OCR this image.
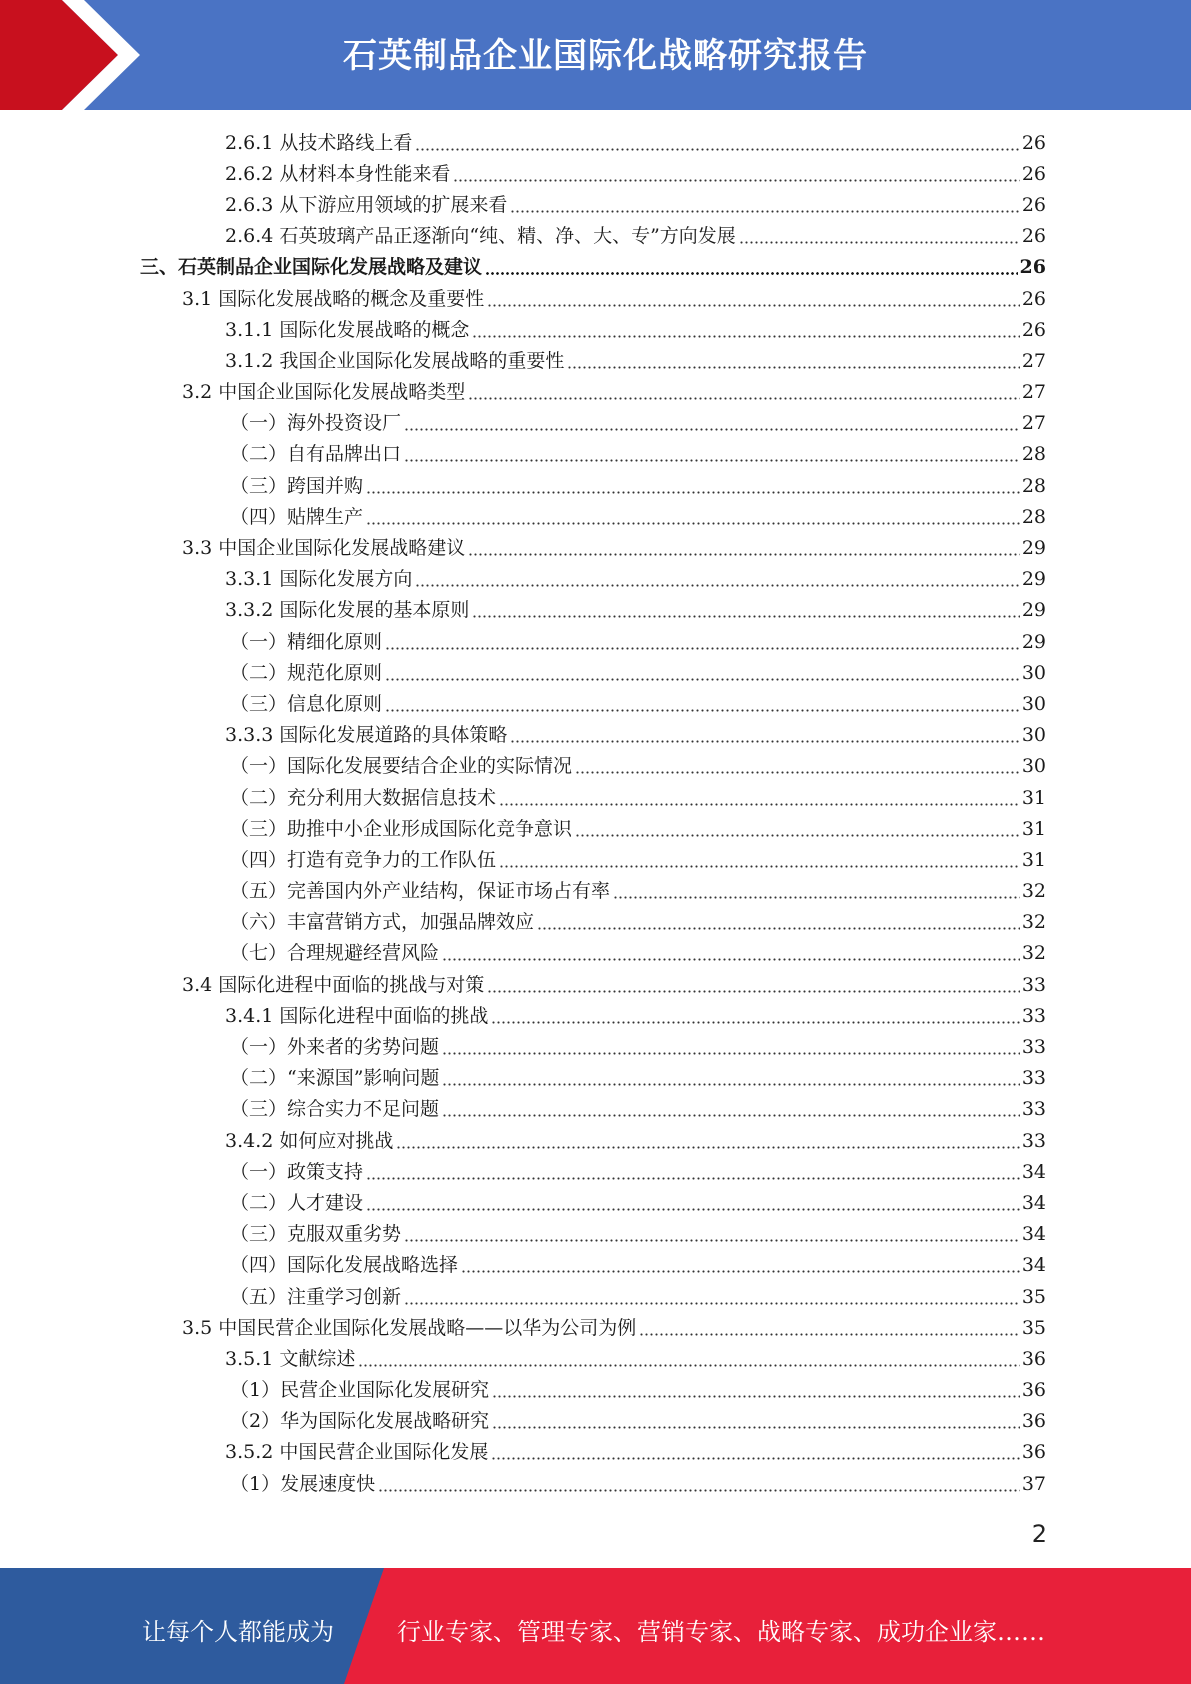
石英制品企业国际化战略研究报告
2.6.1 从技术路线上看	26
2.6.2 从材料本身性能来看	26
2.6.3 从下游应用领域的扩展来看	26
2.6.4 石英玻璃产品正逐渐向“纯、精、净、大、专”方向发展	26
三、石英制品企业国际化发展战略及建议	26
3.1 国际化发展战略的概念及重要性	26
3.1.1 国际化发展战略的概念	26
3.1.2 我国企业国际化发展战略的重要性	27
3.2 中国企业国际化发展战略类型	27
（一）海外投资设厂	27
（二）自有品牌出口	28
（三）跨国并购	28
（四）贴牌生产	28
3.3 中国企业国际化发展战略建议	29
3.3.1 国际化发展方向	29
3.3.2 国际化发展的基本原则	29
（一）精细化原则	29
（二）规范化原则	30
（三）信息化原则	30
3.3.3 国际化发展道路的具体策略	30
（一）国际化发展要结合企业的实际情况	30
（二）充分利用大数据信息技术	31
（三）助推中小企业形成国际化竞争意识	31
（四）打造有竞争力的工作队伍	31
（五）完善国内外产业结构，保证市场占有率	32
（六）丰富营销方式，加强品牌效应	32
（七）合理规避经营风险	32
3.4 国际化进程中面临的挑战与对策	33
3.4.1 国际化进程中面临的挑战	33
（一）外来者的劣势问题	33
（二）“来源国”影响问题	33
（三）综合实力不足问题	33
3.4.2 如何应对挑战	33
（一）政策支持	34
（二）人才建设	34
（三）克服双重劣势	34
（四）国际化发展战略选择	34
（五）注重学习创新	35
3.5 中国民营企业国际化发展战略——以华为公司为例	35
3.5.1 文献综述	36
（1）民营企业国际化发展研究	36
（2）华为国际化发展战略研究	36
3.5.2 中国民营企业国际化发展	36
（1）发展速度快	37
2
让每个人都能成为	行业专家、管理专家、营销专家、战略专家、成功企业家……
